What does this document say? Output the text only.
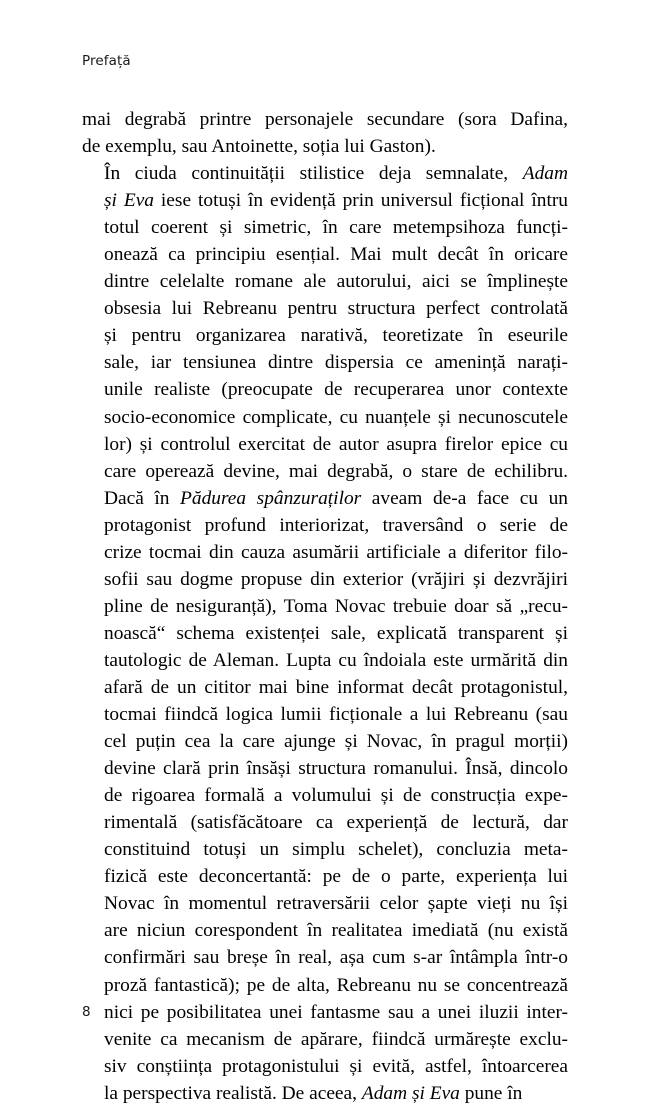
Prefață

mai degrabă printre personajele secundare (sora Dafina,
de exemplu, sau Antoinette, soția lui Gaston).

În ciuda continuității stilistice deja semnalate, Adam
și Eva iese totuși în evidență prin universul ficțional întru
totul coerent și simetric, în care metempsihoza funcți-
onează ca principiu esențial. Mai mult decât în oricare
dintre celelalte romane ale autorului, aici se împlinește
obsesia lui Rebreanu pentru structura perfect controlată
și pentru organizarea narativă, teoretizate în eseurile
sale, iar tensiunea dintre dispersia ce amenință narați-
unile realiste (preocupate de recuperarea unor contexte
socio-economice complicate, cu nuanțele și necunoscutele
lor) și controlul exercitat de autor asupra firelor epice cu
care operează devine, mai degrabă, o stare de echilibru.
Dacă în Pădurea spânzuraților aveam de-a face cu un
protagonist profund interiorizat, traversând o serie de
crize tocmai din cauza asumării artificiale a diferitor filo-
sofii sau dogme propuse din exterior (vrăjiri și dezvrăjiri
pline de nesiguranță), Toma Novac trebuie doar să „recu-
noască“ schema existenței sale, explicată transparent și
tautologic de Aleman. Lupta cu îndoiala este urmărită din
afară de un cititor mai bine informat decât protagonistul,
tocmai fiindcă logica lumii ficționale a lui Rebreanu (sau
cel puțin cea la care ajunge și Novac, în pragul morții)
devine clară prin însăși structura romanului. Însă, dincolo
de rigoarea formală a volumului și de construcția expe-
rimentală (satisfăcătoare ca experiență de lectură, dar
constituind totuși un simplu schelet), concluzia meta-
fizică este deconcertantă: pe de o parte, experiența lui
Novac în momentul retraversării celor șapte vieți nu își
are niciun corespondent în realitatea imediată (nu există
confirmări sau breșe în real, așa cum s-ar întâmpla într-o
proză fantastică); pe de alta, Rebreanu nu se concentrează
nici pe posibilitatea unei fantasme sau a unei iluzii inter-
venite ca mecanism de apărare, fiindcă urmărește exclu-
siv conștiința protagonistului și evită, astfel, întoarcerea
la perspectiva realistă. De aceea, Adam și Eva pune în

8
